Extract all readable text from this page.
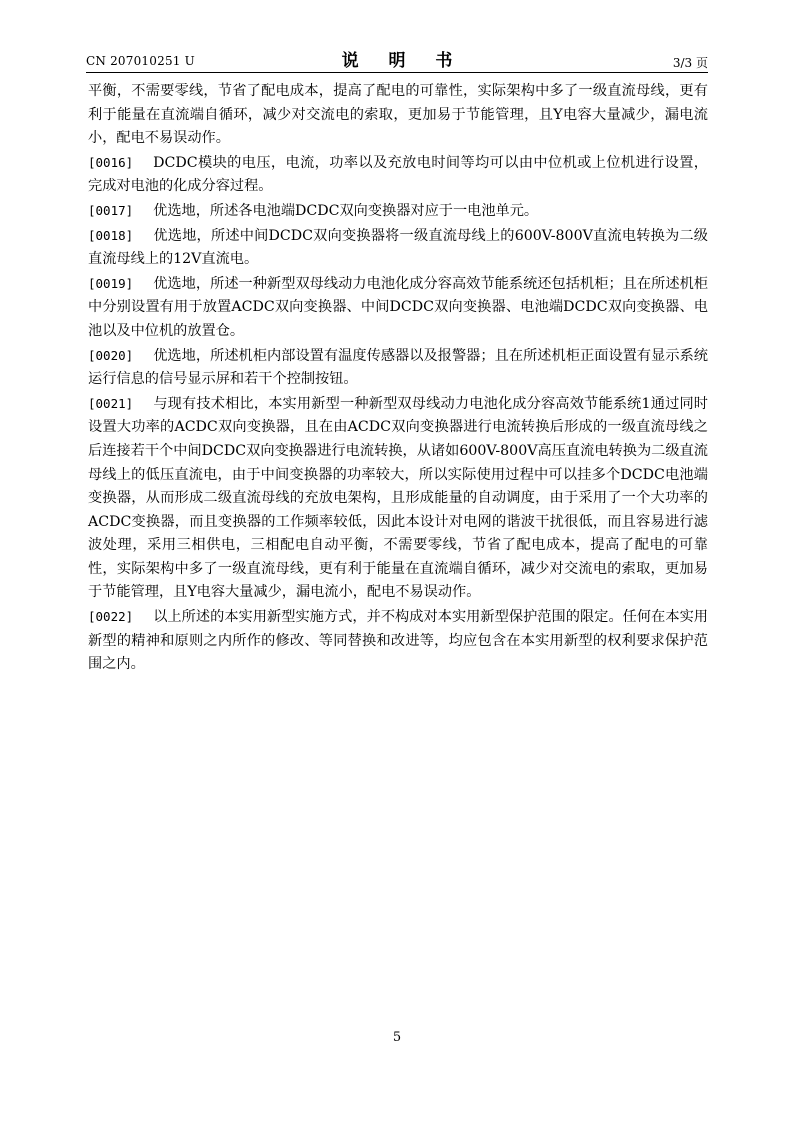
CN 207010251 U	说 明 书	3/3 页

平衡，不需要零线，节省了配电成本，提高了配电的可靠性，实际架构中多了一级直流母线，更有利于能量在直流端自循环，减少对交流电的索取，更加易于节能管理，且Y电容大量减少，漏电流小，配电不易误动作。

[0016] DCDC模块的电压，电流，功率以及充放电时间等均可以由中位机或上位机进行设置，完成对电池的化成分容过程。

[0017] 优选地，所述各电池端DCDC双向变换器对应于一电池单元。

[0018] 优选地，所述中间DCDC双向变换器将一级直流母线上的600V-800V直流电转换为二级直流母线上的12V直流电。

[0019] 优选地，所述一种新型双母线动力电池化成分容高效节能系统还包括机柜；且在所述机柜中分别设置有用于放置ACDC双向变换器、中间DCDC双向变换器、电池端DCDC双向变换器、电池以及中位机的放置仓。

[0020] 优选地，所述机柜内部设置有温度传感器以及报警器；且在所述机柜正面设置有显示系统运行信息的信号显示屏和若干个控制按钮。

[0021] 与现有技术相比，本实用新型一种新型双母线动力电池化成分容高效节能系统1通过同时设置大功率的ACDC双向变换器，且在由ACDC双向变换器进行电流转换后形成的一级直流母线之后连接若干个中间DCDC双向变换器进行电流转换，从诸如600V-800V高压直流电转换为二级直流母线上的低压直流电，由于中间变换器的功率较大，所以实际使用过程中可以挂多个DCDC电池端变换器，从而形成二级直流母线的充放电架构，且形成能量的自动调度，由于采用了一个大功率的ACDC变换器，而且变换器的工作频率较低，因此本设计对电网的谐波干扰很低，而且容易进行滤波处理，采用三相供电，三相配电自动平衡，不需要零线，节省了配电成本，提高了配电的可靠性，实际架构中多了一级直流母线，更有利于能量在直流端自循环，减少对交流电的索取，更加易于节能管理，且Y电容大量减少，漏电流小，配电不易误动作。

[0022] 以上所述的本实用新型实施方式，并不构成对本实用新型保护范围的限定。任何在本实用新型的精神和原则之内所作的修改、等同替换和改进等，均应包含在本实用新型的权利要求保护范围之内。

5
